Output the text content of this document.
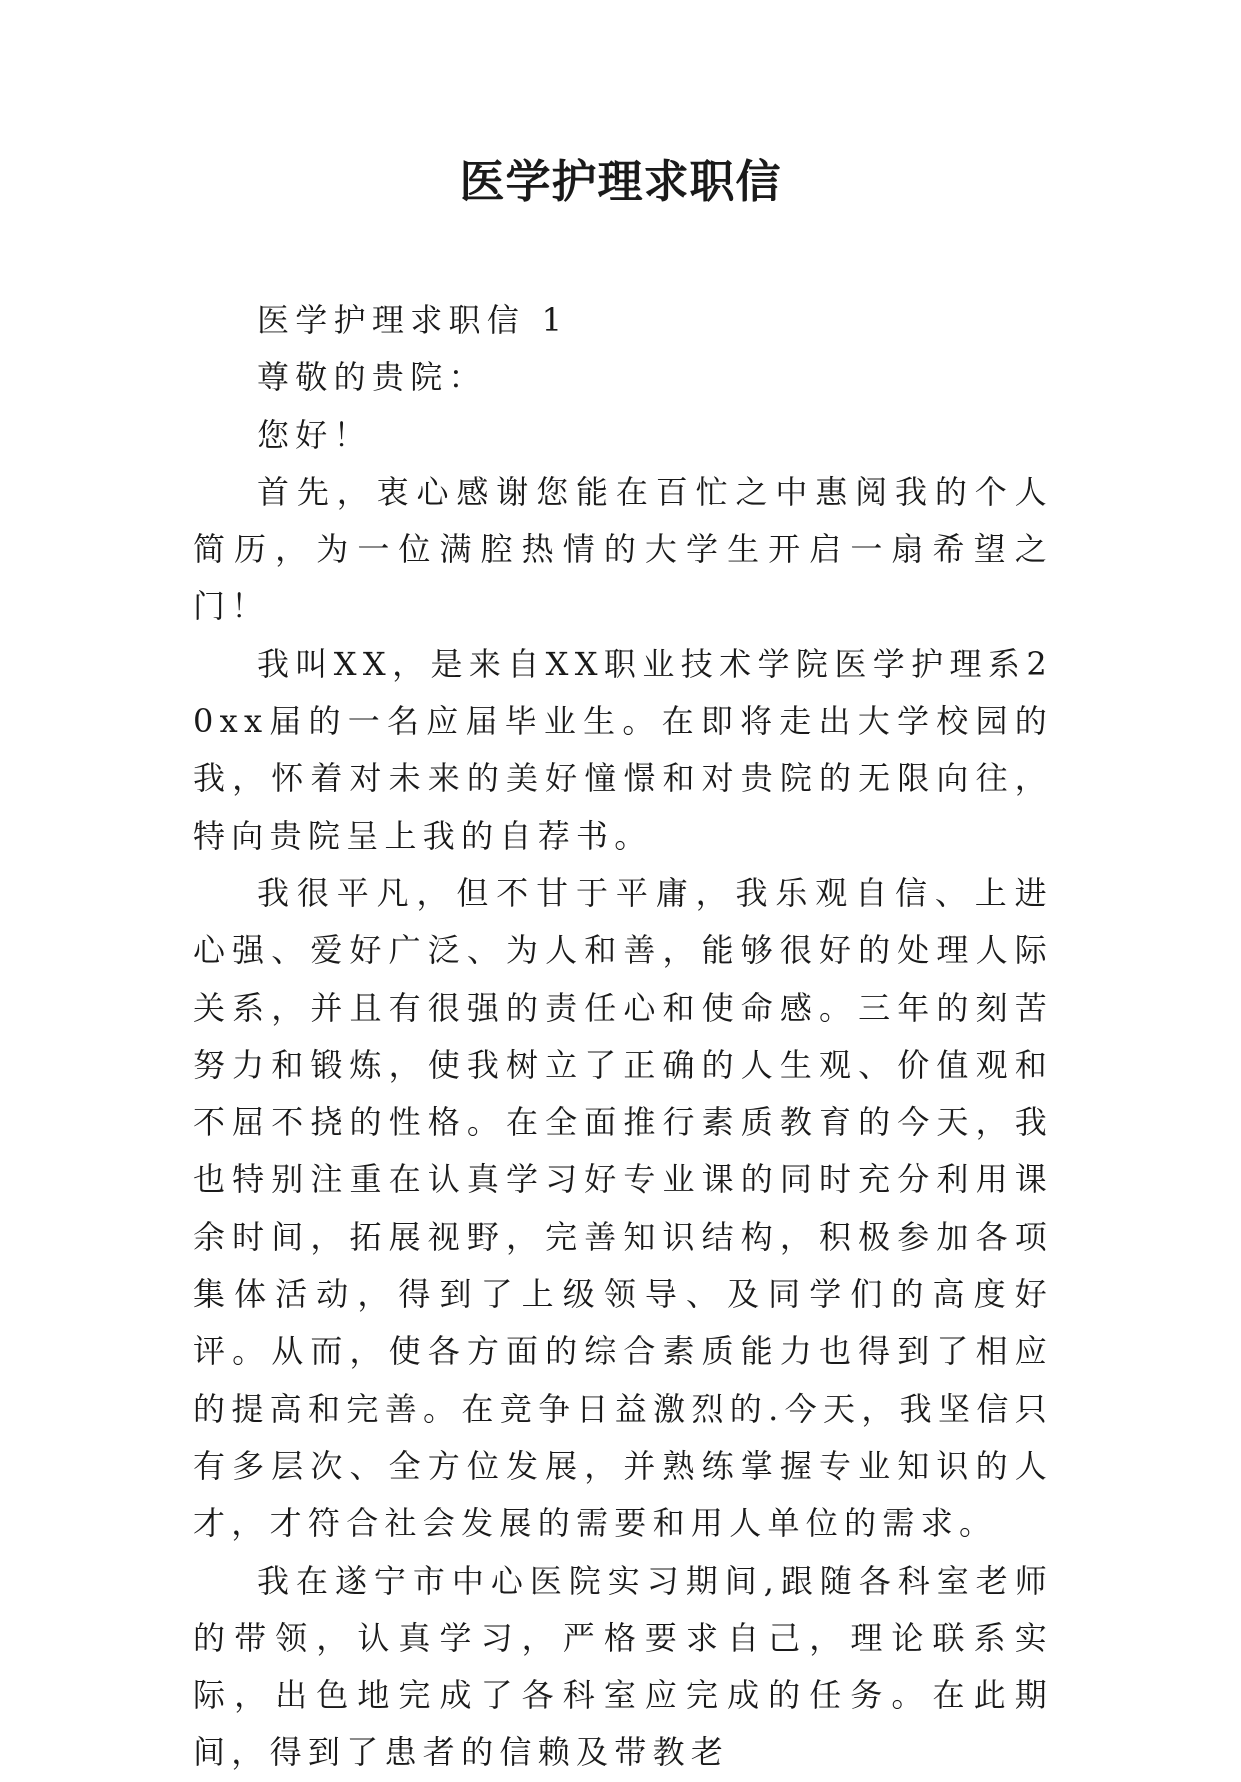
医学护理求职信

医学护理求职信 1

尊敬的贵院：

您好！

首先，衷心感谢您能在百忙之中惠阅我的个人简历，为一位满腔热情的大学生开启一扇希望之门！

我叫XX，是来自XX职业技术学院医学护理系20xx届的一名应届毕业生。在即将走出大学校园的我，怀着对未来的美好憧憬和对贵院的无限向往，特向贵院呈上我的自荐书。

我很平凡，但不甘于平庸，我乐观自信、上进心强、爱好广泛、为人和善，能够很好的处理人际关系，并且有很强的责任心和使命感。三年的刻苦努力和锻炼，使我树立了正确的人生观、价值观和不屈不挠的性格。在全面推行素质教育的今天，我也特别注重在认真学习好专业课的同时充分利用课余时间，拓展视野，完善知识结构，积极参加各项集体活动，得到了上级领导、及同学们的高度好评。从而，使各方面的综合素质能力也得到了相应的提高和完善。在竞争日益激烈的.今天，我坚信只有多层次、全方位发展，并熟练掌握专业知识的人才，才符合社会发展的需要和用人单位的需求。

我在遂宁市中心医院实习期间,跟随各科室老师的带领，认真学习，严格要求自己，理论联系实际，出色地完成了各科室应完成的任务。在此期间，得到了患者的信赖及带教老
